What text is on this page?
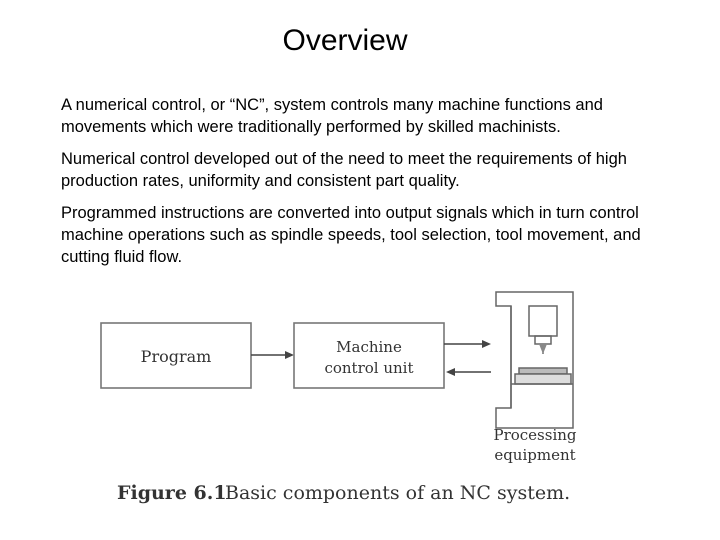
Overview

A numerical control, or “NC”, system controls many machine functions and movements which were traditionally performed by skilled machinists.

Numerical control developed out of the need to meet the requirements of high production rates, uniformity and consistent part quality.

Programmed instructions are converted into output signals which in turn control machine operations such as spindle speeds, tool selection, tool movement, and cutting fluid flow.

Program	Machine
control unit
Processing
equipment
Figure 6.1
Basic components of an NC system.
